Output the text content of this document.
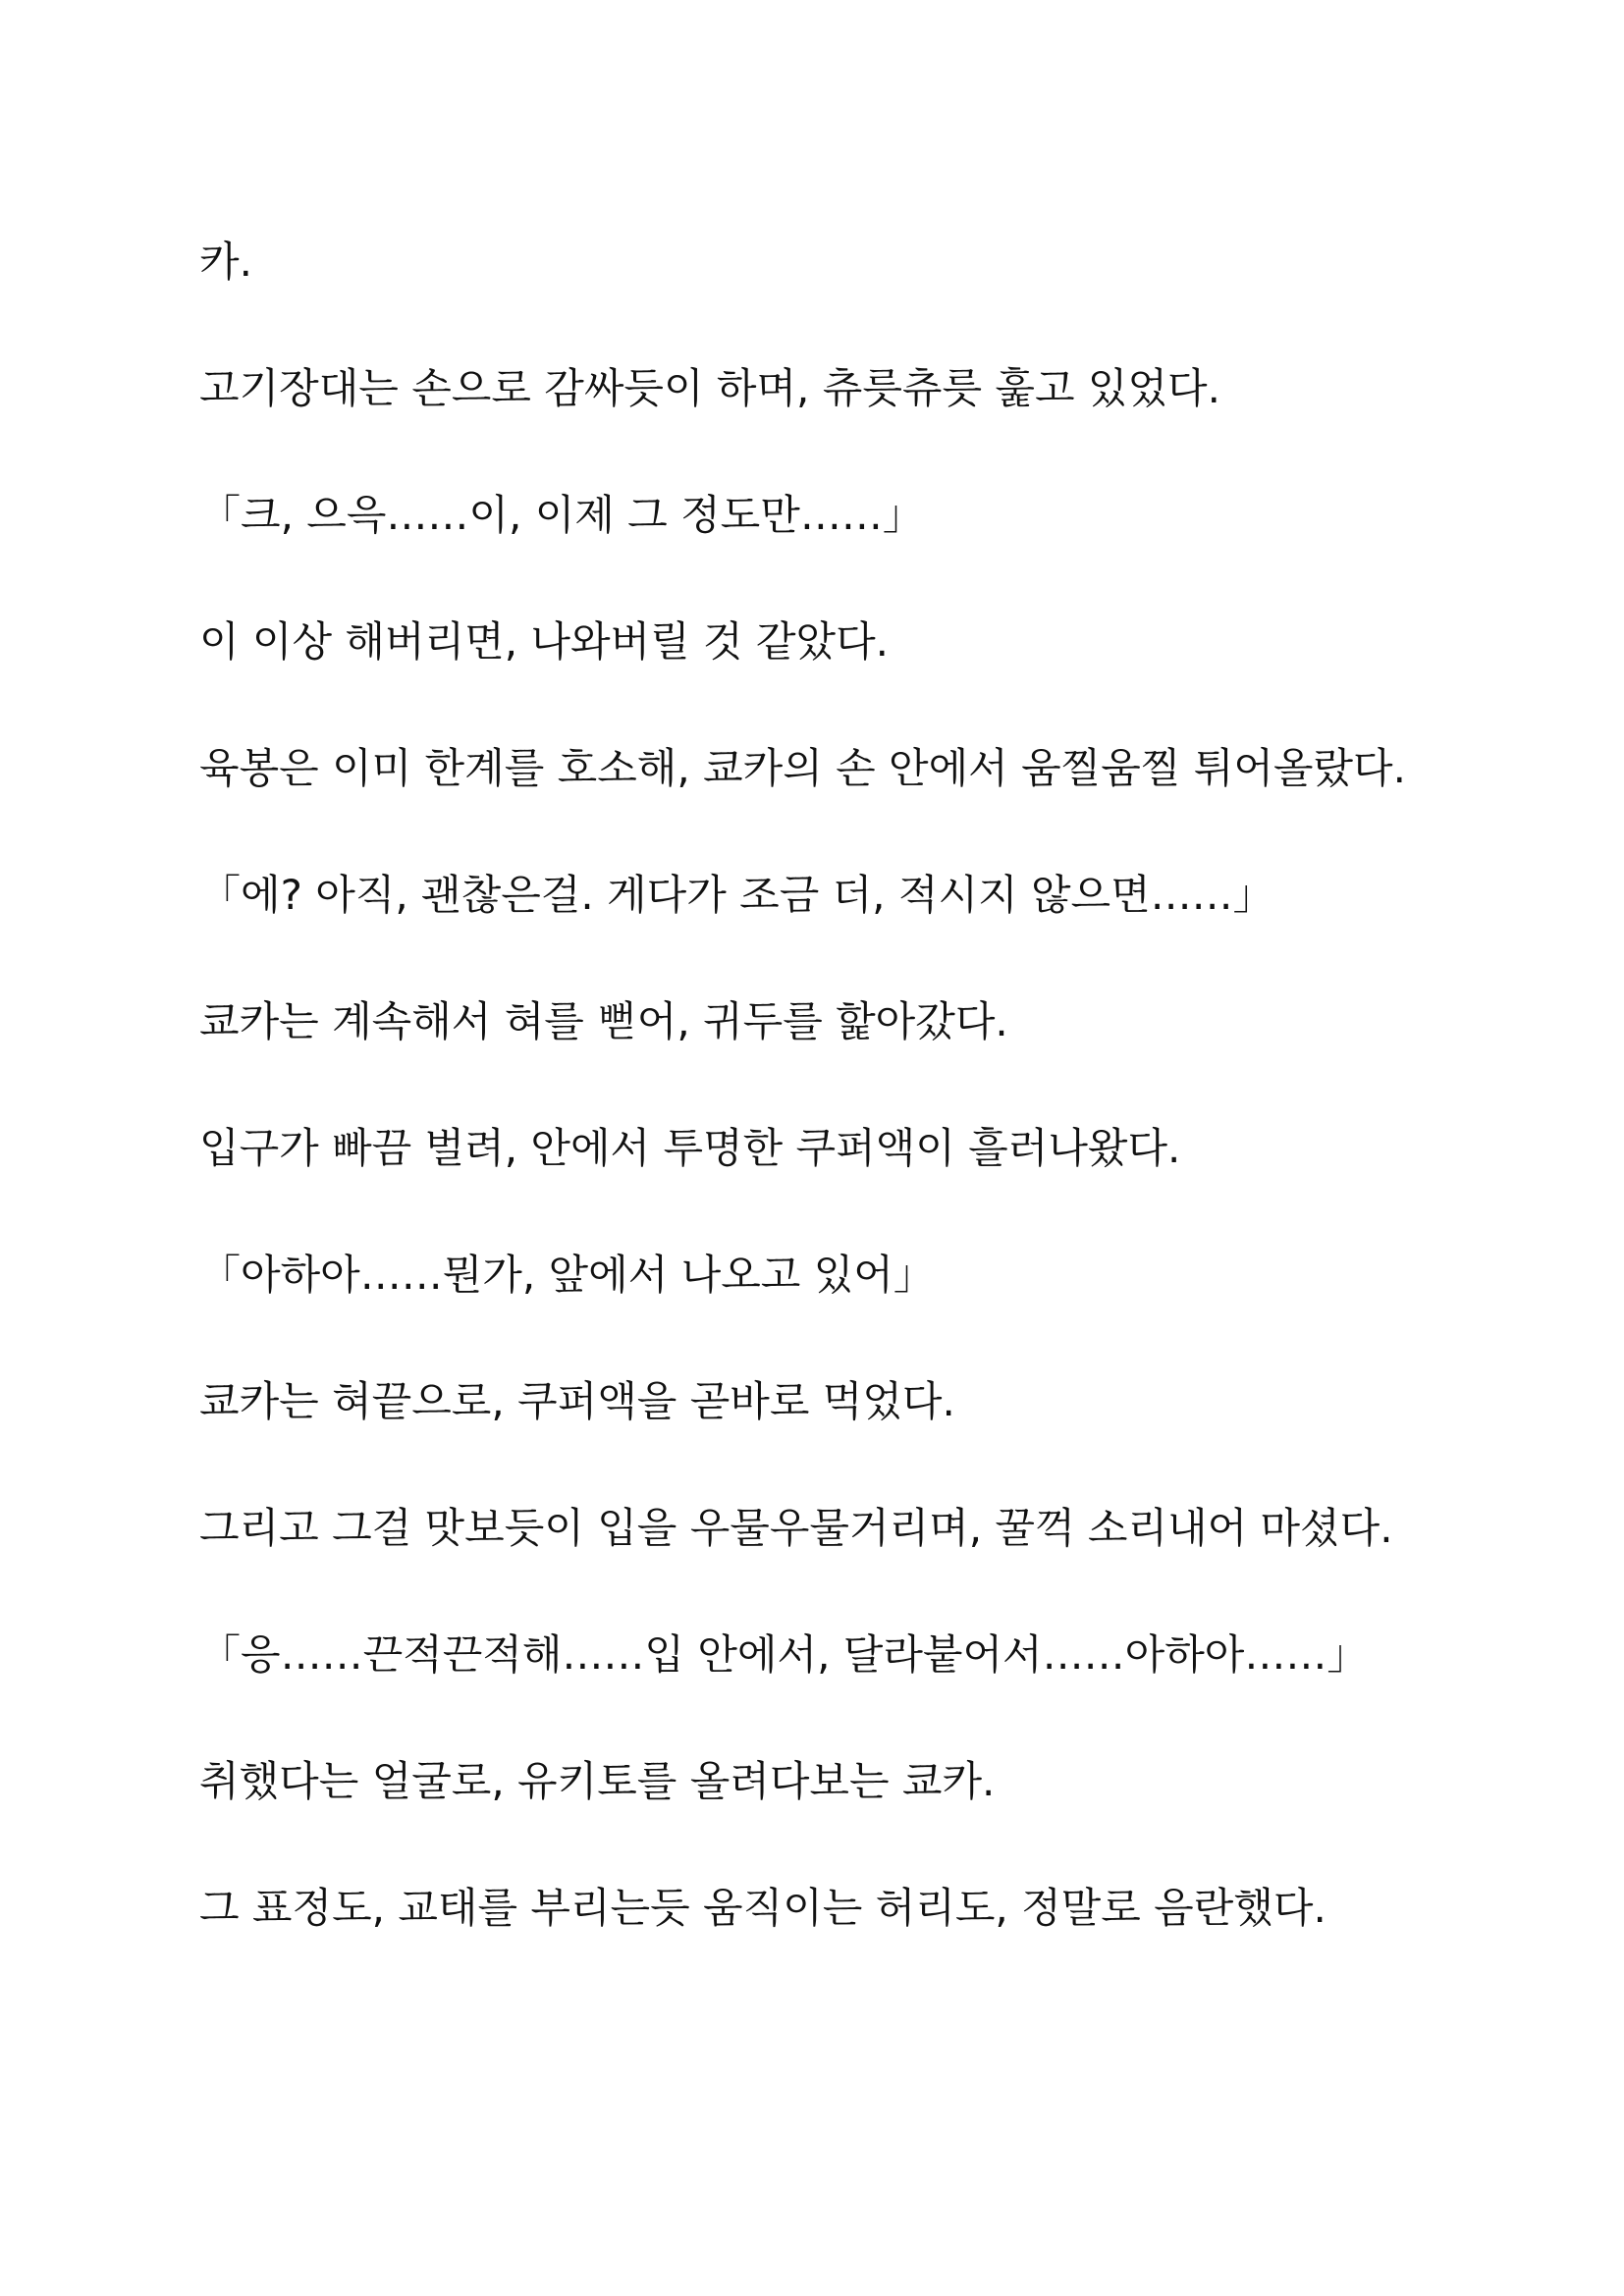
카.

고기장대는 손으로 감싸듯이 하며, 츄릇츄릇 훑고 있었다.

「크, 으윽……이, 이제 그 정도만……」

이 이상 해버리면, 나와버릴 것 같았다.

육봉은 이미 한계를 호소해, 쿄카의 손 안에서 움찔움찔 튀어올랐다.

「에? 아직, 괜찮은걸. 게다가 조금 더, 적시지 않으면……」

쿄카는 계속해서 혀를 뻗어, 귀두를 핥아갔다.

입구가 빠끔 벌려, 안에서 투명한 쿠퍼액이 흘러나왔다.

「아하아……뭔가, 앞에서 나오고 있어」

쿄카는 혀끝으로, 쿠퍼액을 곧바로 먹었다.

그리고 그걸 맛보듯이 입을 우물우물거리며, 꿀꺽 소리내어 마셨다.

「응……끈적끈적해……입 안에서, 달라붙어서……아하아……」

취했다는 얼굴로, 유키토를 올려다보는 쿄카.

그 표정도, 교태를 부리는듯 움직이는 허리도, 정말로 음란했다.
